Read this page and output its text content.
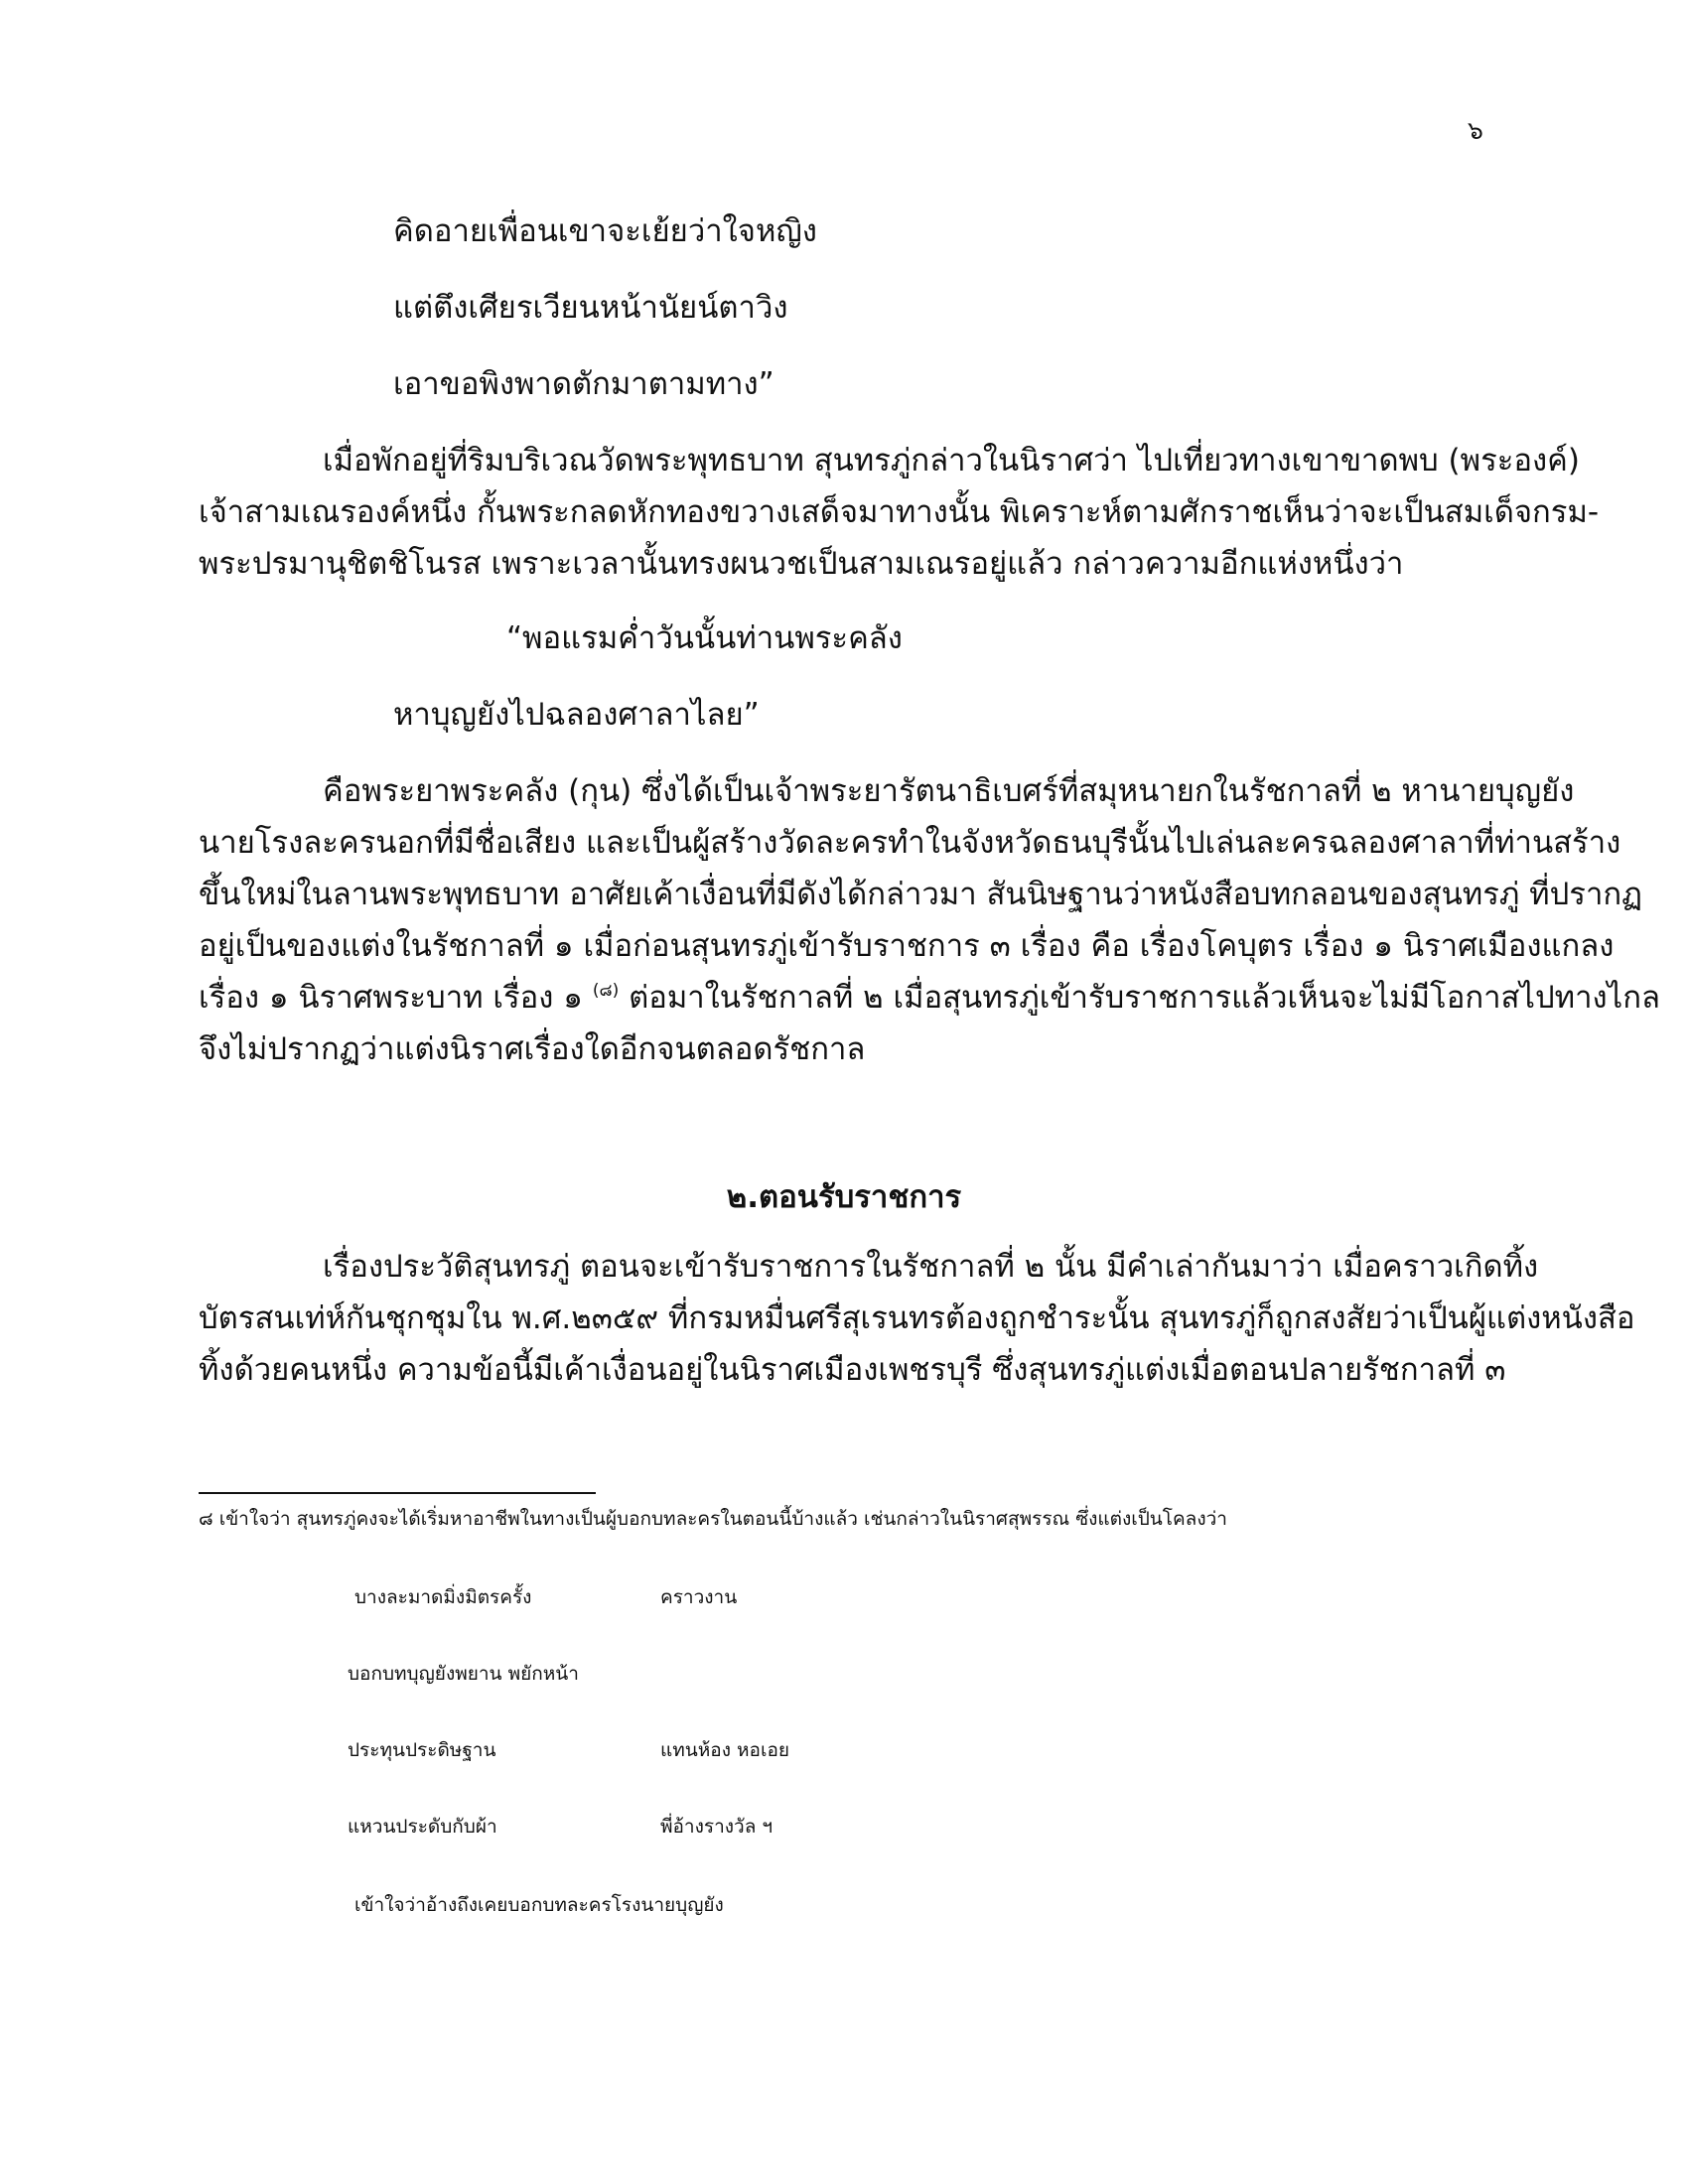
๖
คิดอายเพื่อนเขาจะเย้ยว่าใจหญิง
แต่ตึงเศียรเวียนหน้านัยน์ตาวิง
เอาขอพิงพาดตักมาตามทาง”
เมื่อพักอยู่ที่ริมบริเวณวัดพระพุทธบาท สุนทรภู่กล่าวในนิราศว่า ไปเที่ยวทางเขาขาดพบ (พระองค์)
เจ้าสามเณรองค์หนึ่ง กั้นพระกลดหักทองขวางเสด็จมาทางนั้น พิเคราะห์ตามศักราชเห็นว่าจะเป็นสมเด็จกรม-
พระปรมานุชิตชิโนรส เพราะเวลานั้นทรงผนวชเป็นสามเณรอยู่แล้ว กล่าวความอีกแห่งหนึ่งว่า
“พอแรมค่ำวันนั้นท่านพระคลัง
หาบุญยังไปฉลองศาลาไลย”
คือพระยาพระคลัง (กุน) ซึ่งได้เป็นเจ้าพระยารัตนาธิเบศร์ที่สมุหนายกในรัชกาลที่ ๒ หานายบุญยัง
นายโรงละครนอกที่มีชื่อเสียง และเป็นผู้สร้างวัดละครทำในจังหวัดธนบุรีนั้นไปเล่นละครฉลองศาลาที่ท่านสร้าง
ขึ้นใหม่ในลานพระพุทธบาท อาศัยเค้าเงื่อนที่มีดังได้กล่าวมา สันนิษฐานว่าหนังสือบทกลอนของสุนทรภู่ ที่ปรากฏ
อยู่เป็นของแต่งในรัชกาลที่ ๑ เมื่อก่อนสุนทรภู่เข้ารับราชการ ๓ เรื่อง คือ เรื่องโคบุตร เรื่อง ๑ นิราศเมืองแกลง
เรื่อง ๑ นิราศพระบาท เรื่อง ๑ $^{(๘)}$ ต่อมาในรัชกาลที่ ๒ เมื่อสุนทรภู่เข้ารับราชการแล้วเห็นจะไม่มีโอกาสไปทางไกล
จึงไม่ปรากฏว่าแต่งนิราศเรื่องใดอีกจนตลอดรัชกาล
๒.ตอนรับราชการ
เรื่องประวัติสุนทรภู่ ตอนจะเข้ารับราชการในรัชกาลที่ ๒ นั้น มีคำเล่ากันมาว่า เมื่อคราวเกิดทิ้ง
บัตรสนเท่ห์กันชุกชุมใน พ.ศ.๒๓๕๙ ที่กรมหมื่นศรีสุเรนทรต้องถูกชำระนั้น สุนทรภู่ก็ถูกสงสัยว่าเป็นผู้แต่งหนังสือ
ทิ้งด้วยคนหนึ่ง ความข้อนี้มีเค้าเงื่อนอยู่ในนิราศเมืองเพชรบุรี ซึ่งสุนทรภู่แต่งเมื่อตอนปลายรัชกาลที่ ๓
๘ เข้าใจว่า สุนทรภู่คงจะได้เริ่มหาอาชีพในทางเป็นผู้บอกบทละครในตอนนี้บ้างแล้ว เช่นกล่าวในนิราศสุพรรณ ซึ่งแต่งเป็นโคลงว่า
บางละมาดมิ่งมิตรครั้ง	คราวงาน
บอกบทบุญยังพยาน พยักหน้า
ประทุนประดิษฐาน	แทนห้อง หอเอย
แหวนประดับกับผ้า	พี่อ้างรางวัล ฯ
เข้าใจว่าอ้างถึงเคยบอกบทละครโรงนายบุญยัง
